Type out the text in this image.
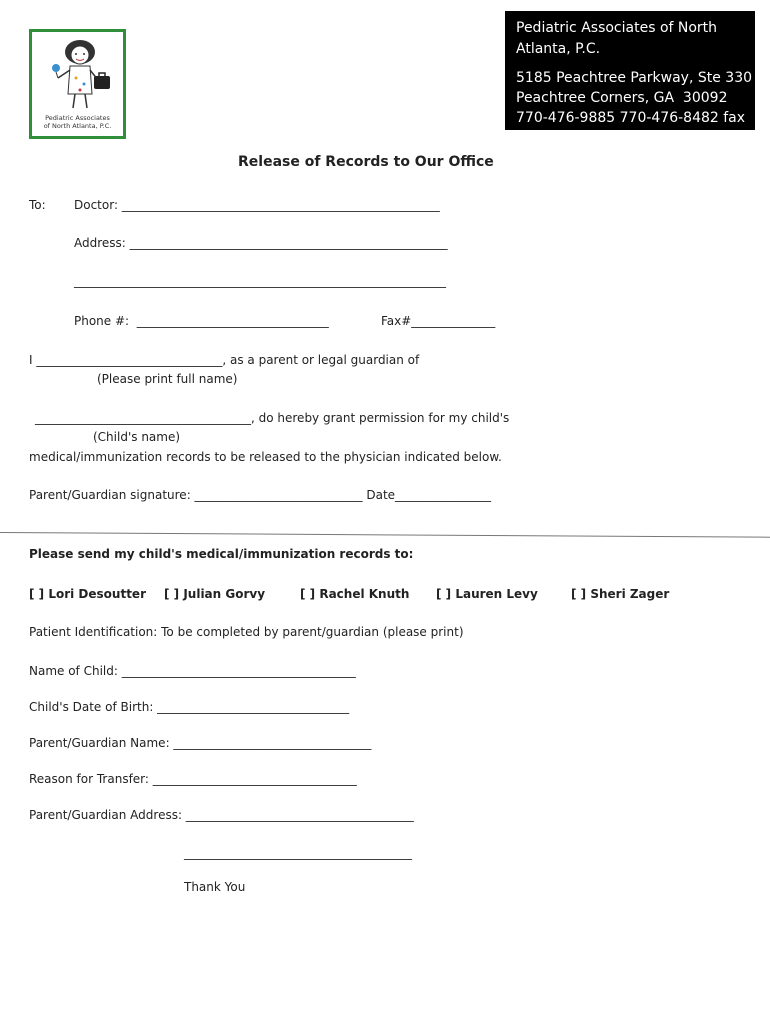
Pediatric Associates
of North Atlanta, P.C.
Pediatric Associates of North
Atlanta, P.C.
5185 Peachtree Parkway, Ste 330
Peachtree Corners, GA  30092
770-476-9885 770-476-8482 fax
Release of Records to Our Office
To: Doctor: _____________________________________________________
Address: _____________________________________________________
______________________________________________________________
Phone #:  ________________________________	Fax#______________
I _______________________________, as a parent or legal guardian of
(Please print full name)
____________________________________, do hereby grant permission for my child's
(Child's name)
medical/immunization records to be released to the physician indicated below.
Parent/Guardian signature: ____________________________ Date________________
Please send my child's medical/immunization records to:
[ ] Lori Desoutter [ ] Julian Gorvy	[ ] Rachel Knuth [ ] Lauren Levy	[ ] Sheri Zager
Patient Identification: To be completed by parent/guardian (please print)
Name of Child: _______________________________________
Child's Date of Birth: ________________________________
Parent/Guardian Name: _________________________________
Reason for Transfer: __________________________________
Parent/Guardian Address: ______________________________________
______________________________________
Thank You
